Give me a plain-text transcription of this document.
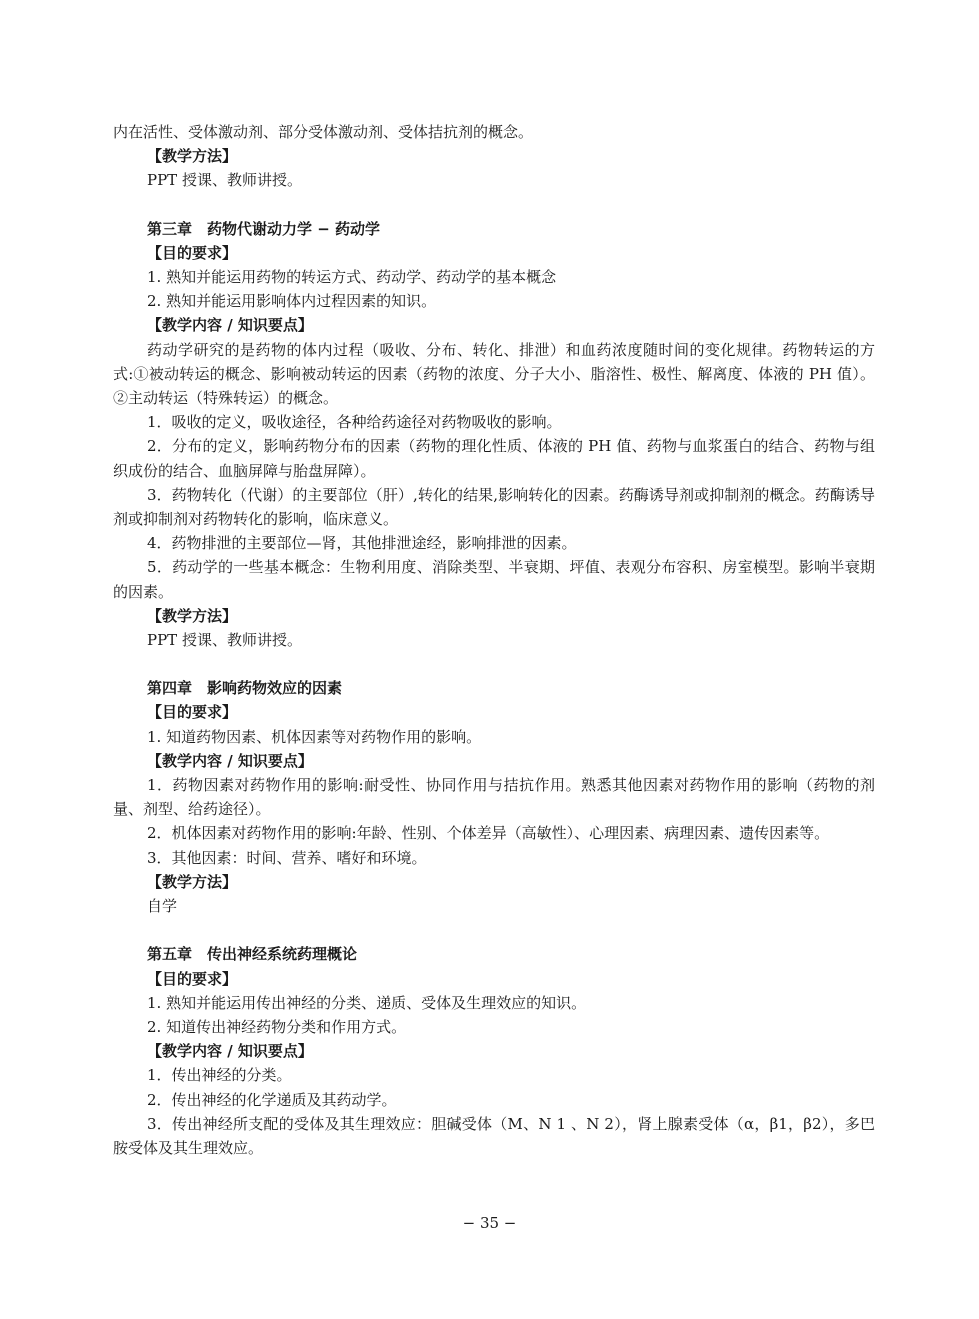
内在活性、受体激动剂、部分受体激动剂、受体拮抗剂的概念。

【教学方法】

PPT 授课、教师讲授。

第三章　药物代谢动力学 − 药动学

【目的要求】

1. 熟知并能运用药物的转运方式、药动学、药动学的基本概念

2. 熟知并能运用影响体内过程因素的知识。

【教学内容 / 知识要点】

药动学研究的是药物的体内过程（吸收、分布、转化、排泄）和血药浓度随时间的变化规律。药物转运的方式:①被动转运的概念、影响被动转运的因素（药物的浓度、分子大小、脂溶性、极性、解离度、体液的 PH 值）。②主动转运（特殊转运）的概念。

1．吸收的定义，吸收途径，各种给药途径对药物吸收的影响。

2．分布的定义，影响药物分布的因素（药物的理化性质、体液的 PH 值、药物与血浆蛋白的结合、药物与组织成份的结合、血脑屏障与胎盘屏障）。

3．药物转化（代谢）的主要部位（肝）,转化的结果,影响转化的因素。药酶诱导剂或抑制剂的概念。药酶诱导剂或抑制剂对药物转化的影响，临床意义。

4．药物排泄的主要部位—肾，其他排泄途经，影响排泄的因素。

5．药动学的一些基本概念：生物利用度、消除类型、半衰期、坪值、表观分布容积、房室模型。影响半衰期的因素。

【教学方法】

PPT 授课、教师讲授。

第四章　影响药物效应的因素

【目的要求】

1. 知道药物因素、机体因素等对药物作用的影响。

【教学内容 / 知识要点】

1．药物因素对药物作用的影响:耐受性、协同作用与拮抗作用。熟悉其他因素对药物作用的影响（药物的剂量、剂型、给药途径）。

2．机体因素对药物作用的影响:年龄、性别、个体差异（高敏性）、心理因素、病理因素、遗传因素等。

3．其他因素：时间、营养、嗜好和环境。

【教学方法】

自学

第五章　传出神经系统药理概论

【目的要求】

1. 熟知并能运用传出神经的分类、递质、受体及生理效应的知识。

2. 知道传出神经药物分类和作用方式。

【教学内容 / 知识要点】

1．传出神经的分类。

2．传出神经的化学递质及其药动学。

3．传出神经所支配的受体及其生理效应：胆碱受体（M、N 1 、N 2），肾上腺素受体（α，β1，β2），多巴胺受体及其生理效应。

− 35 −
